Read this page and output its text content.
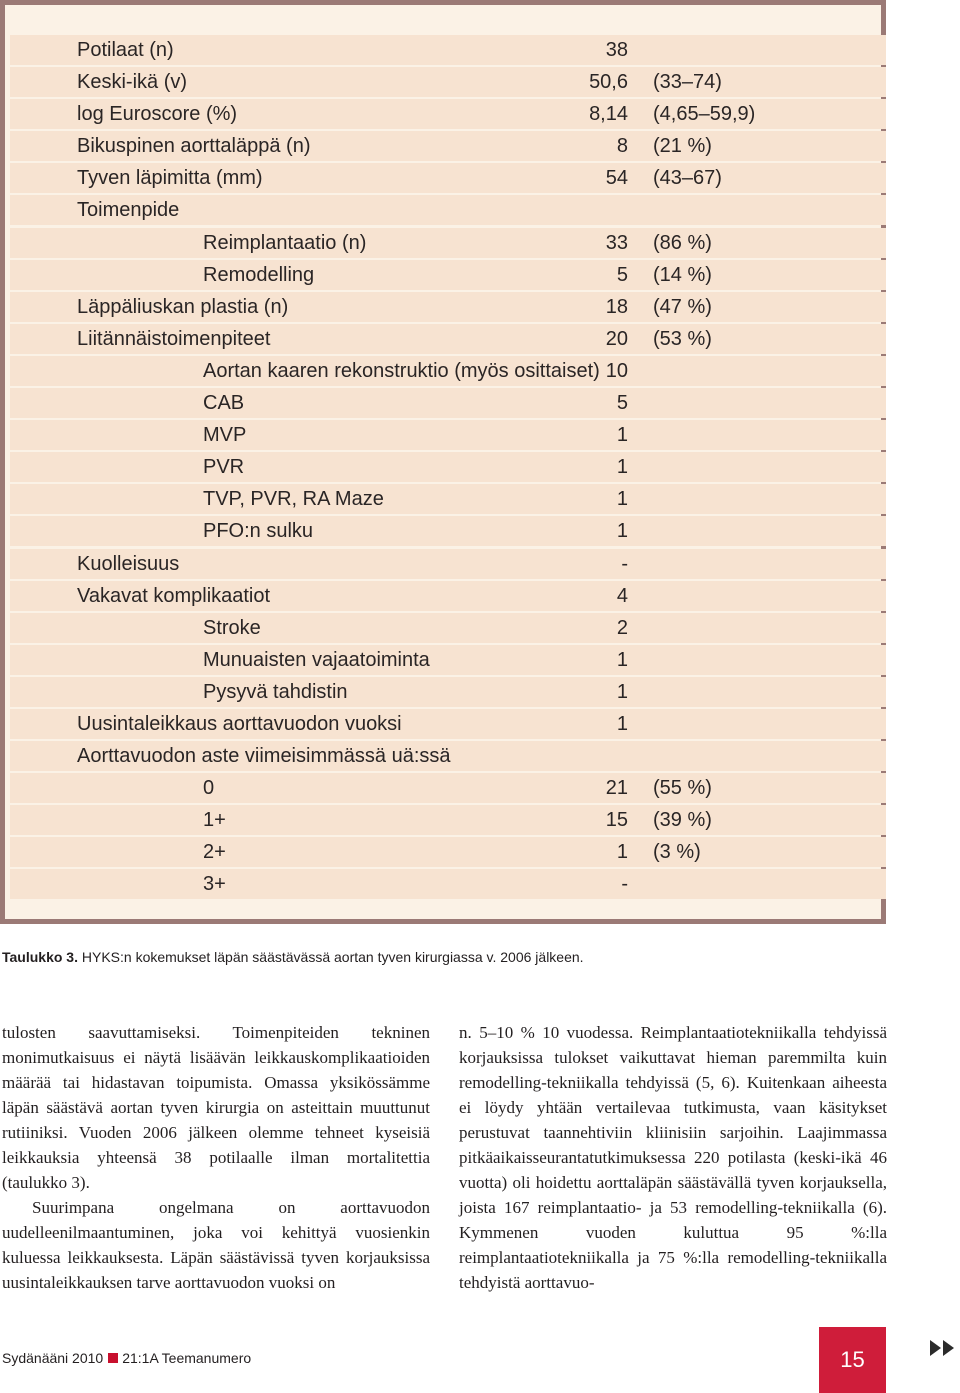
Potilaat (n)	38
Keski-ikä (v)	50,6 (33–74)
log Euroscore (%)	8,14 (4,65–59,9)
Bikuspinen aorttaläppä (n)	8 (21 %)
Tyven läpimitta (mm)	54 (43–67)
Toimenpide
Reimplantaatio (n)	33 (86 %)
Remodelling	5 (14 %)
Läppäliuskan plastia (n)	18 (47 %)
Liitännäistoimenpiteet	20 (53 %)
Aortan kaaren rekonstruktio (myös osittaiset) 10
CAB	5
MVP	1
PVR	1
TVP, PVR, RA Maze	1
PFO:n sulku	1
Kuolleisuus	-
Vakavat komplikaatiot	4
Stroke	2
Munuaisten vajaatoiminta	1
Pysyvä tahdistin	1
Uusintaleikkaus aorttavuodon vuoksi	1
Aorttavuodon aste viimeisimmässä uä:ssä
0	21 (55 %)
1+	15 (39 %)
2+	1 (3 %)
3+	-
Taulukko 3. HYKS:n kokemukset läpän säästävässä aortan tyven kirurgiassa v. 2006 jälkeen.

tulosten saavuttamiseksi. Toimenpiteiden tekninen monimutkaisuus ei näytä lisäävän leikkauskomplikaatioiden määrää tai hidastavan toipumista. Omassa yksikössämme läpän säästävä aortan tyven kirurgia on asteittain muuttunut rutiiniksi. Vuoden 2006 jälkeen olemme tehneet kyseisiä leikkauksia yhteensä 38 potilaalle ilman mortalitettia (taulukko 3).

Suurimpana ongelmana on aorttavuodon uudelleenilmaantuminen, joka voi kehittyä vuosienkin kuluessa leikkauksesta. Läpän säästävissä tyven korjauksissa uusintaleikkauksen tarve aorttavuodon vuoksi on

n. 5–10 % 10 vuodessa. Reimplantaatiotekniikalla tehdyissä korjauksissa tulokset vaikuttavat hieman paremmilta kuin remodelling-tekniikalla tehdyissä (5, 6). Kuitenkaan aiheesta ei löydy yhtään vertailevaa tutkimusta, vaan käsitykset perustuvat taannehtiviin kliinisiin sarjoihin. Laajimmassa pitkäaikaisseurantatutkimuksessa 220 potilasta (keski-ikä 46 vuotta) oli hoidettu aorttaläpän säästävällä tyven korjauksella, joista 167 reimplantaatio- ja 53 remodelling-tekniikalla (6). Kymmenen vuoden kuluttua 95 %:lla reimplantaatiotekniikalla ja 75 %:lla remodelling-tekniikalla tehdyistä aorttavuo-

Sydänääni 2010 21:1A Teemanumero	15
